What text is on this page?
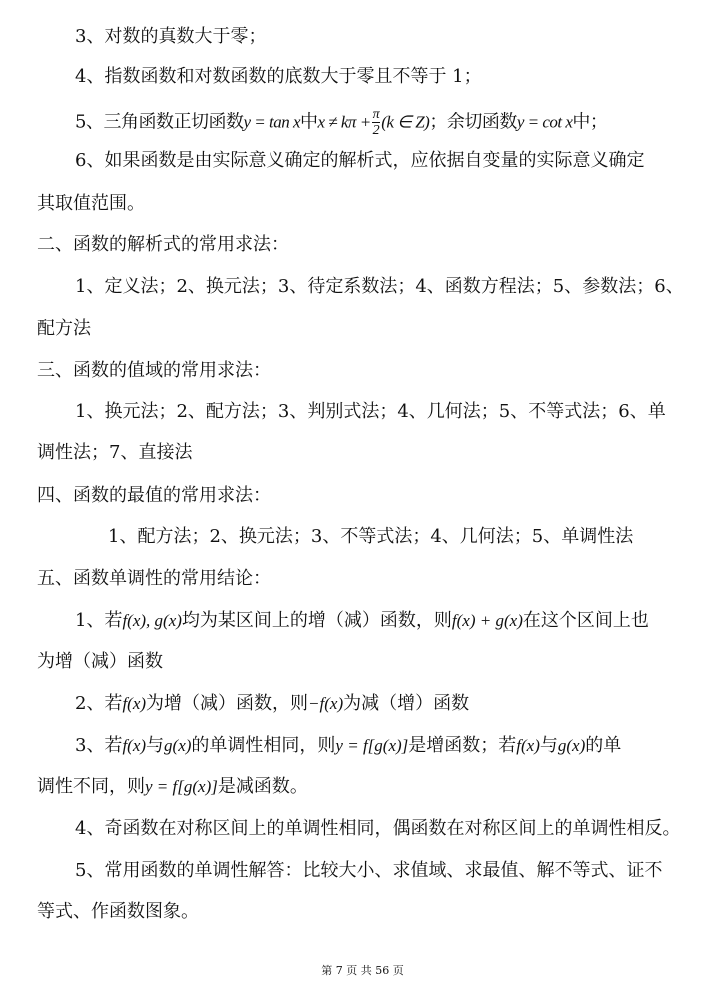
3、对数的真数大于零；
4、指数函数和对数函数的底数大于零且不等于 1；
5、三角函数正切函数y = tan x中$x \ne k\pi + \frac{\pi}{2} (k$ ∈ Z)；余切函数y = cot x中；
6、如果函数是由实际意义确定的解析式，应依据自变量的实际意义确定
其取值范围。
二、函数的解析式的常用求法：
1、定义法；2、换元法；3、待定系数法；4、函数方程法；5、参数法；6、
配方法
三、函数的值域的常用求法：
1、换元法；2、配方法；3、判别式法；4、几何法；5、不等式法；6、单
调性法；7、直接法
四、函数的最值的常用求法：
1、配方法；2、换元法；3、不等式法；4、几何法；5、单调性法
五、函数单调性的常用结论：
1、若f(x), g(x)均为某区间上的增（减）函数，则f(x) + g(x)在这个区间上也
为增（减）函数
2、若f(x)为增（减）函数，则−f(x)为减（增）函数
3、若f(x)与g(x)的单调性相同，则y = f[g(x)]是增函数；若f(x)与g(x)的单
调性不同，则y = f[g(x)]是减函数。
4、奇函数在对称区间上的单调性相同，偶函数在对称区间上的单调性相反。
5、常用函数的单调性解答：比较大小、求值域、求最值、解不等式、证不
等式、作函数图象。
第 7 页 共 56 页
